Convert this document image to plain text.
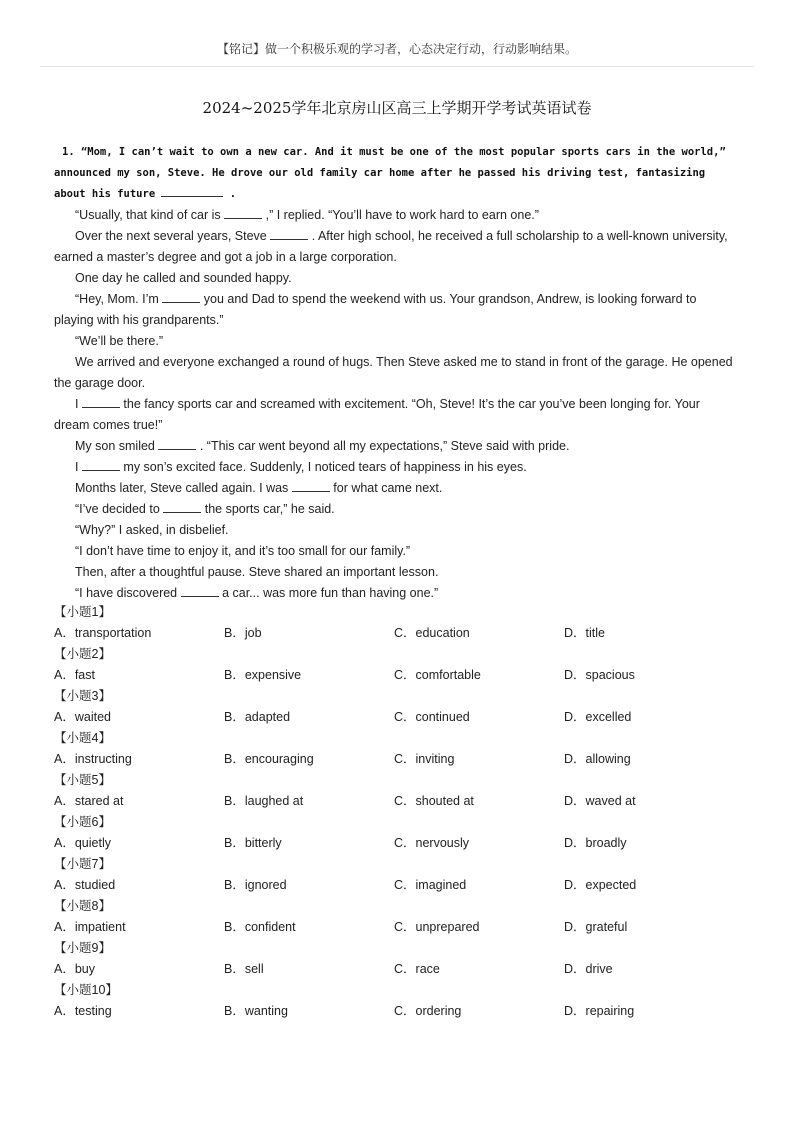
【铭记】做一个积极乐观的学习者，心态决定行动，行动影响结果。
2024~2025学年北京房山区高三上学期开学考试英语试卷

1. “Mom, I can’t wait to own a new car. And it must be one of the most popular sports cars in the world,” announced my son, Steve. He drove our old family car home after he passed his driving test, fantasizing about his future	.

“Usually, that kind of car is	,” I replied. “You’ll have to work hard to earn one.”

Over the next several years, Steve	. After high school, he received a full scholarship to a well-known university, earned a master’s degree and got a job in a large corporation.

One day he called and sounded happy.

“Hey, Mom. I’m	you and Dad to spend the weekend with us. Your grandson, Andrew, is looking forward to playing with his grandparents.”

“We’ll be there.”

We arrived and everyone exchanged a round of hugs. Then Steve asked me to stand in front of the garage. He opened the garage door.

I	the fancy sports car and screamed with excitement. “Oh, Steve! It’s the car you’ve been longing for. Your dream comes true!”

My son smiled	. “This car went beyond all my expectations,” Steve said with pride.

I	my son’s excited face. Suddenly, I noticed tears of happiness in his eyes.

Months later, Steve called again. I was	for what came next.

“I’ve decided to	the sports car,” he said.

“Why?” I asked, in disbelief.

“I don’t have time to enjoy it, and it’s too small for our family.”

Then, after a thoughtful pause. Steve shared an important lesson.

“I have discovered	a car... was more fun than having one.”

【小题1】
A．transportation	B．job	C．education	D．title
【小题2】
A．fast	B．expensive	C．comfortable	D．spacious
【小题3】
A．waited	B．adapted	C．continued	D．excelled
【小题4】
A．instructing	B．encouraging	C．inviting	D．allowing
【小题5】
A．stared at	B．laughed at	C．shouted at	D．waved at
【小题6】
A．quietly	B．bitterly	C．nervously	D．broadly
【小题7】
A．studied	B．ignored	C．imagined	D．expected
【小题8】
A．impatient	B．confident	C．unprepared	D．grateful
【小题9】
A．buy	B．sell	C．race	D．drive
【小题10】
A．testing	B．wanting	C．ordering	D．repairing
